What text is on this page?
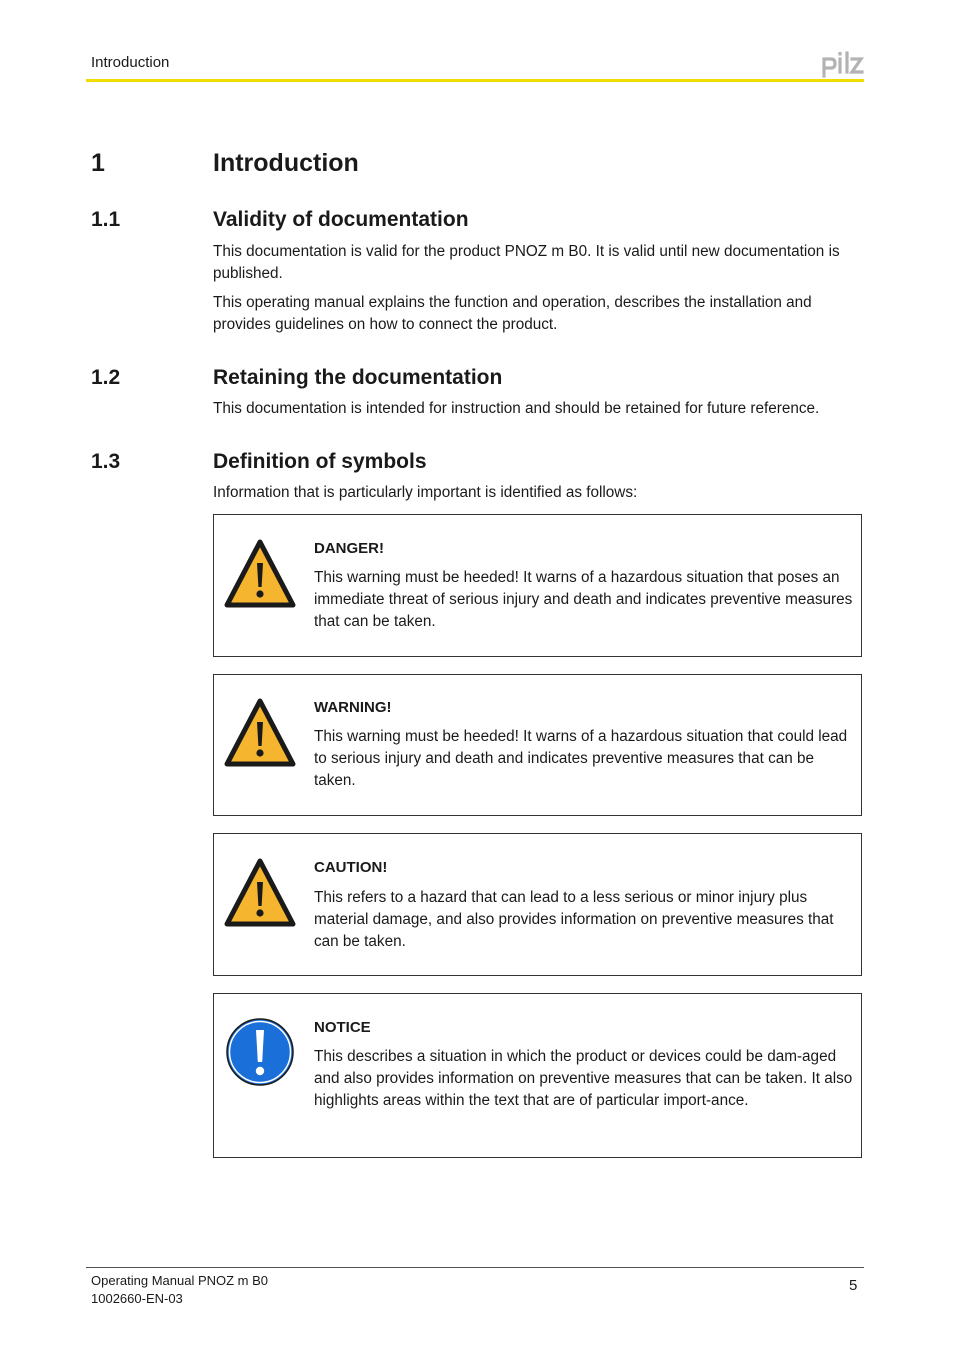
Introduction
1	Introduction
1.1	Validity of documentation
This documentation is valid for the product PNOZ m B0. It is valid until new documentation is published.
This operating manual explains the function and operation, describes the installation and provides guidelines on how to connect the product.
1.2	Retaining the documentation
This documentation is intended for instruction and should be retained for future reference.
1.3	Definition of symbols
Information that is particularly important is identified as follows:
DANGER!
This warning must be heeded! It warns of a hazardous situation that poses an immediate threat of serious injury and death and indicates preventive measures that can be taken.
WARNING!
This warning must be heeded! It warns of a hazardous situation that could lead to serious injury and death and indicates preventive measures that can be taken.
CAUTION!
This refers to a hazard that can lead to a less serious or minor injury plus material damage, and also provides information on preventive measures that can be taken.
NOTICE
This describes a situation in which the product or devices could be dam-aged and also provides information on preventive measures that can be taken. It also highlights areas within the text that are of particular import-ance.
Operating Manual PNOZ m B0
1002660-EN-03
5
